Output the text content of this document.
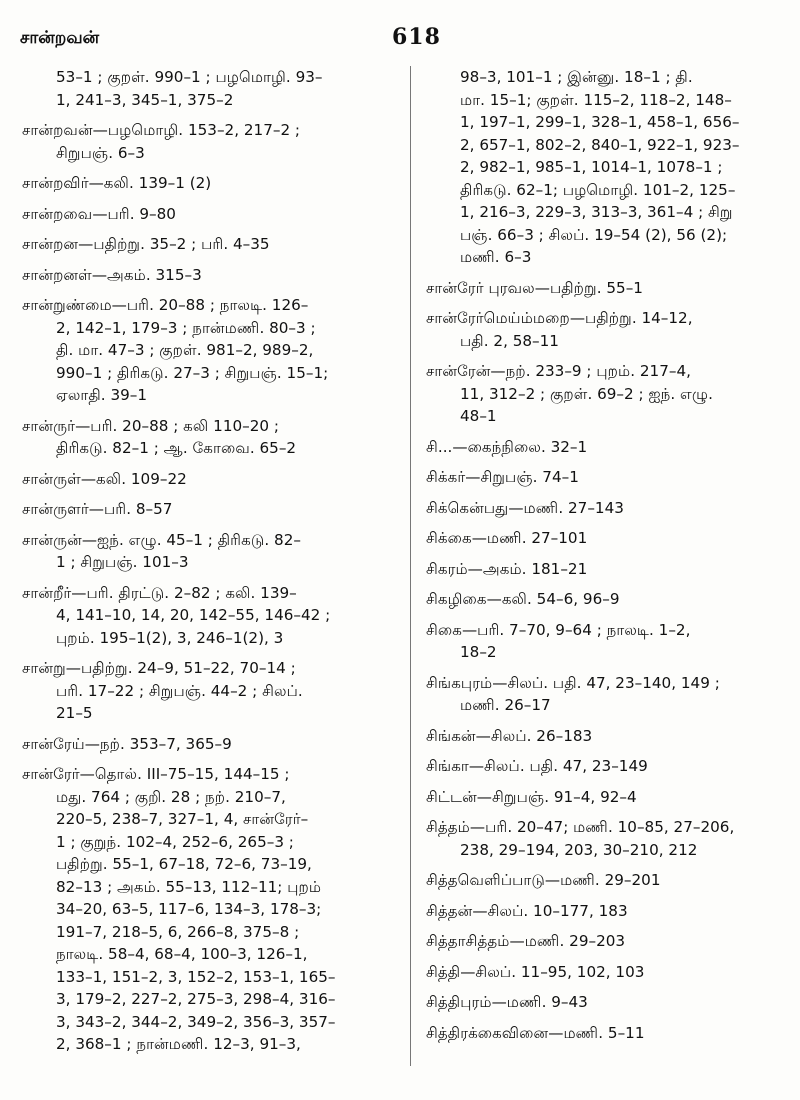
சான்றவன்	618

53–1 ; குறள். 990–1 ; பழமொழி. 93–
1, 241–3, 345–1, 375–2

சான்றவன்—பழமொழி. 153–2, 217–2 ;
சிறுபஞ். 6–3

சான்றவிர்—கலி. 139–1 (2)

சான்றவை—பரி. 9–80

சான்றன—பதிற்று. 35–2 ; பரி. 4–35

சான்றனள்—அகம். 315–3

சான்றுண்மை—பரி. 20–88 ; நாலடி. 126–
2, 142–1, 179–3 ; நான்மணி. 80–3 ;
தி. மா. 47–3 ; குறள். 981–2, 989–2,
990–1 ; திரிகடு. 27–3 ; சிறுபஞ். 15–1;
ஏலாதி. 39–1

சான்ருர்—பரி. 20–88 ; கலி 110–20 ;
திரிகடு. 82–1 ; ஆ. கோவை. 65–2

சான்ருள்—கலி. 109–22

சான்ருளர்—பரி. 8–57

சான்ருன்—ஐந். எழு. 45–1 ; திரிகடு. 82–
1 ; சிறுபஞ். 101–3

சான்றீர்—பரி. திரட்டு. 2–82 ; கலி. 139–
4, 141–10, 14, 20, 142–55, 146–42 ;
புறம். 195–1(2), 3, 246–1(2), 3

சான்று—பதிற்று. 24–9, 51–22, 70–14 ;
பரி. 17–22 ; சிறுபஞ். 44–2 ; சிலப்.
21–5

சான்ரேய்—நற். 353–7, 365–9

சான்ரேர்—தொல். III–75–15, 144–15 ;
மது. 764 ; குறி. 28 ; நற். 210–7,
220–5, 238–7, 327–1, 4, சான்ரேர்–
1 ; குறுந். 102–4, 252–6, 265–3 ;
பதிற்று. 55–1, 67–18, 72–6, 73–19,
82–13 ; அகம். 55–13, 112–11; புறம்
34–20, 63–5, 117–6, 134–3, 178–3;
191–7, 218–5, 6, 266–8, 375–8 ;
நாலடி. 58–4, 68–4, 100–3, 126–1,
133–1, 151–2, 3, 152–2, 153–1, 165–
3, 179–2, 227–2, 275–3, 298–4, 316–
3, 343–2, 344–2, 349–2, 356–3, 357–
2, 368–1 ; நான்மணி. 12–3, 91–3,

98–3, 101–1 ; இன்னு. 18–1 ; தி.
மா. 15–1; குறள். 115–2, 118–2, 148–
1, 197–1, 299–1, 328–1, 458–1, 656–
2, 657–1, 802–2, 840–1, 922–1, 923–
2, 982–1, 985–1, 1014–1, 1078–1 ;
திரிகடு. 62–1; பழமொழி. 101–2, 125–
1, 216–3, 229–3, 313–3, 361–4 ; சிறு
பஞ். 66–3 ; சிலப். 19–54 (2), 56 (2);
மணி. 6–3

சான்ரேர் புரவல—பதிற்று. 55–1

சான்ரேர்மெய்ம்மறை—பதிற்று. 14–12,
பதி. 2, 58–11

சான்ரேன்—நற். 233–9 ; புறம். 217–4,
11, 312–2 ; குறள். 69–2 ; ஐந். எழு.
48–1

சி...—கைந்நிலை. 32–1

சிக்கர்—சிறுபஞ். 74–1

சிக்கென்பது—மணி. 27–143

சிக்கை—மணி. 27–101

சிகரம்—அகம். 181–21

சிகழிகை—கலி. 54–6, 96–9

சிகை—பரி. 7–70, 9–64 ; நாலடி. 1–2,
18–2

சிங்கபுரம்—சிலப். பதி. 47, 23–140, 149 ;
மணி. 26–17

சிங்கன்—சிலப். 26–183

சிங்கா—சிலப். பதி. 47, 23–149

சிட்டன்—சிறுபஞ். 91–4, 92–4

சித்தம்—பரி. 20–47; மணி. 10–85, 27–206,
238, 29–194, 203, 30–210, 212

சித்தவெளிப்பாடு—மணி. 29–201

சித்தன்—சிலப். 10–177, 183

சித்தாசித்தம்—மணி. 29–203

சித்தி—சிலப். 11–95, 102, 103

சித்திபுரம்—மணி. 9–43

சித்திரக்கைவினை—மணி. 5–11
